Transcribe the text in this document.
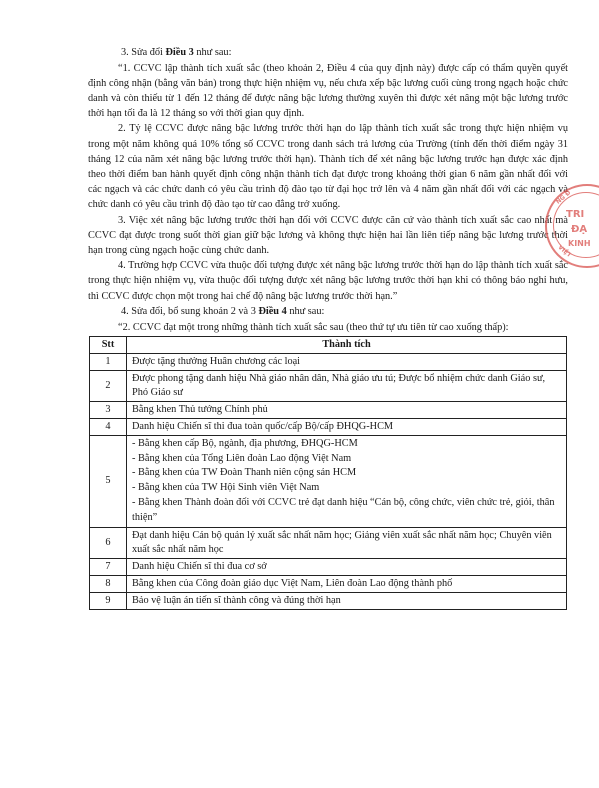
3. Sửa đổi Điều 3 như sau:

“1. CCVC lập thành tích xuất sắc (theo khoản 2, Điều 4 của quy định này) được cấp có thẩm quyền quyết định công nhận (bằng văn bản) trong thực hiện nhiệm vụ, nếu chưa xếp bậc lương cuối cùng trong ngạch hoặc chức danh và còn thiếu từ 1 đến 12 tháng để được nâng bậc lương thường xuyên thì được xét nâng một bậc lương trước thời hạn tối đa là 12 tháng so với thời gian quy định.

2. Tỷ lệ CCVC được nâng bậc lương trước thời hạn do lập thành tích xuất sắc trong thực hiện nhiệm vụ trong một năm không quá 10% tổng số CCVC trong danh sách trả lương của Trường (tính đến thời điểm ngày 31 tháng 12 của năm xét nâng bậc lương trước thời hạn). Thành tích để xét nâng bậc lương trước hạn được xác định theo thời điểm ban hành quyết định công nhận thành tích đạt được trong khoảng thời gian 6 năm gần nhất đối với các ngạch và các chức danh có yêu cầu trình độ đào tạo từ đại học trở lên và 4 năm gần nhất đối với các ngạch và chức danh có yêu cầu trình độ đào tạo từ cao đẳng trở xuống.

3. Việc xét nâng bậc lương trước thời hạn đối với CCVC được căn cứ vào thành tích xuất sắc cao nhất mà CCVC đạt được trong suốt thời gian giữ bậc lương và không thực hiện hai lần liên tiếp nâng bậc lương trước thời hạn trong cùng ngạch hoặc cùng chức danh.

4. Trường hợp CCVC vừa thuộc đối tượng được xét nâng bậc lương trước thời hạn do lập thành tích xuất sắc trong thực hiện nhiệm vụ, vừa thuộc đối tượng được xét nâng bậc lương trước thời hạn khi có thông báo nghỉ hưu, thì CCVC được chọn một trong hai chế độ nâng bậc lương trước thời hạn.”

4. Sửa đổi, bổ sung khoản 2 và 3 Điều 4 như sau:

“2. CCVC đạt một trong những thành tích xuất sắc sau (theo thứ tự ưu tiên từ cao xuống thấp):

Stt	Thành tích
1	Được tặng thưởng Huân chương các loại
2	Được phong tặng danh hiệu Nhà giáo nhân dân, Nhà giáo ưu tú; Được bổ nhiệm chức danh Giáo sư, Phó Giáo sư
3	Bằng khen Thủ tướng Chính phủ
4	Danh hiệu Chiến sĩ thi đua toàn quốc/cấp Bộ/cấp ĐHQG-HCM
5	- Bằng khen cấp Bộ, ngành, địa phương, ĐHQG-HCM
- Bằng khen của Tổng Liên đoàn Lao động Việt Nam
- Bằng khen của TW Đoàn Thanh niên cộng sản HCM
- Bằng khen của TW Hội Sinh viên Việt Nam
- Bằng khen Thành đoàn đối với CCVC trẻ đạt danh hiệu “Cán bộ, công chức, viên chức trẻ, giỏi, thân thiện”

6	Đạt danh hiệu Cán bộ quản lý xuất sắc nhất năm học; Giảng viên xuất sắc nhất năm học; Chuyên viên xuất sắc nhất năm học
7	Danh hiệu Chiến sĩ thi đua cơ sở
8	Bằng khen của Công đoàn giáo dục Việt Nam, Liên đoàn Lao động thành phố
9	Bảo vệ luận án tiến sĩ thành công và đúng thời hạn
NG Đ
TRI
ĐẠ
KINH
VIỆT
